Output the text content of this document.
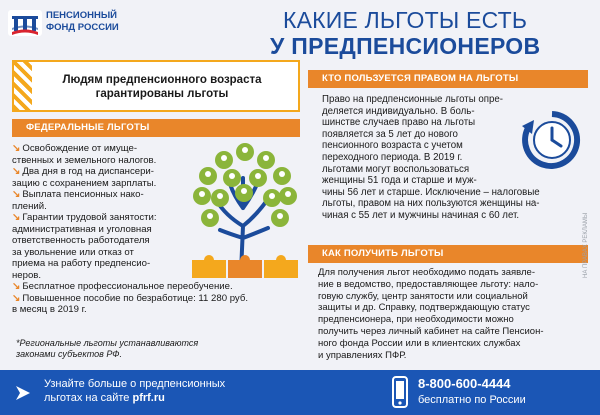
ПЕНСИОННЫЙ
ФОНД РОССИИ	КАКИЕ ЛЬГОТЫ ЕСТЬ
У ПРЕДПЕНСИОНЕРОВ
Людям предпенсионного возраста
гарантированы льготы
ФЕДЕРАЛЬНЫЕ ЛЬГОТЫ
↘ Освобождение от имуще-
ственных и земельного налогов.
↘ Два дня в год на диспансери-
зацию с сохранением зарплаты.
↘ Выплата пенсионных нако-
плений.
↘ Гарантии трудовой занятости:
административная и уголовная
ответственность работодателя
за увольнение или отказ от
приема на работу предпенсио-
неров.
↘ Бесплатное профессиональное переобучение.
↘ Повышенное пособие по безработице: 11 280 руб.
в месяц в 2019 г.
*Региональные льготы устанавливаются
законами субъектов РФ.
КТО ПОЛЬЗУЕТСЯ ПРАВОМ НА ЛЬГОТЫ
Право на предпенсионные льготы опре-
деляется индивидуально. В боль-
шинстве случаев право на льготы
появляется за 5 лет до нового
пенсионного возраста с учетом
переходного периода. В 2019 г.
льготами могут воспользоваться
женщины 51 года и старше и муж-
чины 56 лет и старше. Исключение – налоговые
льготы, правом на них пользуются женщины на-
чиная с 55 лет и мужчины начиная с 60 лет.
КАК ПОЛУЧИТЬ ЛЬГОТЫ
Для получения льгот необходимо подать заявле-
ние в ведомство, предоставляющее льготу: нало-
говую службу, центр занятости или социальной
защиты и др. Справку, подтверждающую статус
предпенсионера, при необходимости можно
получить через личный кабинет на сайте Пенсион-
ного фонда России или в клиентских службах
и управлениях ПФР.
НА ПРАВАХ РЕКЛАМЫ
Узнайте больше о предпенсионных
льготах на сайте pfrf.ru
8-800-600-4444
бесплатно по России
